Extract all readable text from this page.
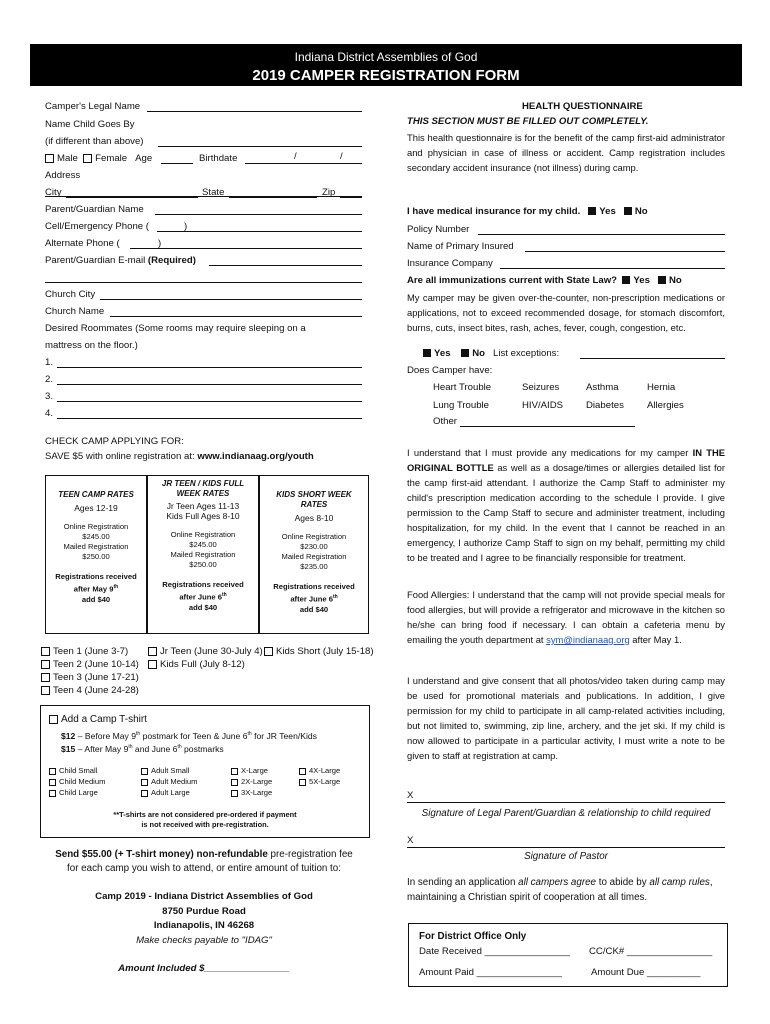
Indiana District Assemblies of God
2019 CAMPER REGISTRATION FORM
Camper's Legal Name
Name Child Goes By
(if different than above)
Male Female Age	Birthdate	/	/
Address
City	State	Zip
Parent/Guardian Name
Cell/Emergency Phone (	)
Alternate Phone (	)
Parent/Guardian E-mail (Required)
Church City
Church Name
Desired Roommates (Some rooms may require sleeping on a
mattress on the floor.)
1.
2.
3.
4.
CHECK CAMP APPLYING FOR:
SAVE $5 with online registration at: www.indianaag.org/youth
TEEN CAMP RATES
Ages 12-19
Online Registration
$245.00
Mailed Registration
$250.00
Registrations received
after May 9th
add $40
JR TEEN / KIDS FULL WEEK RATES
Jr Teen Ages 11-13
Kids Full Ages 8-10
Online Registration
$245.00
Mailed Registration
$250.00
Registrations received
after June 6th
add $40
KIDS SHORT WEEK RATES
Ages 8-10
Online Registration
$230.00
Mailed Registration
$235.00
Registrations received
after June 6th
add $40
Teen 1 (June 3-7)
Teen 2 (June 10-14)
Teen 3 (June 17-21)
Teen 4 (June 24-28)
Jr Teen (June 30-July 4)
Kids Full (July 8-12)
Kids Short (July 15-18)
Add a Camp T-shirt
$12 – Before May 9th postmark for Teen & June 6th for JR Teen/Kids
$15 – After May 9th and June 6th postmarks
Child Small
Child Medium
Child Large
Adult Small
Adult Medium
Adult Large
X-Large
2X-Large
3X-Large
4X-Large
5X-Large
**T-shirts are not considered pre-ordered if payment
is not received with pre-registration.
Send $55.00 (+ T-shirt money) non-refundable pre-registration fee
for each camp you wish to attend, or entire amount of tuition to:
Camp 2019 - Indiana District Assemblies of God
8750 Purdue Road
Indianapolis, IN 46268
Make checks payable to "IDAG"
Amount Included $________________
HEALTH QUESTIONNAIRE
THIS SECTION MUST BE FILLED OUT COMPLETELY.
This health questionnaire is for the benefit of the camp first-aid administrator and physician in case of illness or accident. Camp registration includes secondary accident insurance (not illness) during camp.
I have medical insurance for my child. Yes No
Policy Number
Name of Primary Insured
Insurance Company
Are all immunizations current with State Law? Yes No
My camper may be given over-the-counter, non-prescription medications or applications, not to exceed recommended dosage, for stomach discomfort, burns, cuts, insect bites, rash, aches, fever, cough, congestion, etc.
Yes No List exceptions:
Does Camper have:
Heart Trouble	Seizures	Asthma	Hernia
Lung Trouble	HIV/AIDS Diabetes Allergies
Other
I understand that I must provide any medications for my camper IN THE ORIGINAL BOTTLE as well as a dosage/times or allergies detailed list for the camp first-aid attendant. I authorize the Camp Staff to administer my child's prescription medication according to the schedule I provide. I give permission to the Camp Staff to secure and administer treatment, including hospitalization, for my child. In the event that I cannot be reached in an emergency, I authorize Camp Staff to sign on my behalf, permitting my child to be treated and I agree to be financially responsible for treatment.
Food Allergies: I understand that the camp will not provide special meals for food allergies, but will provide a refrigerator and microwave in the kitchen so he/she can bring food if necessary. I can obtain a cafeteria menu by emailing the youth department at sym@indianaag.org after May 1.
I understand and give consent that all photos/video taken during camp may be used for promotional materials and publications. In addition, I give permission for my child to participate in all camp-related activities including, but not limited to, swimming, zip line, archery, and the jet ski. If my child is now allowed to participate in a particular activity, I must write a note to be given to staff at registration at camp.
X
Signature of Legal Parent/Guardian & relationship to child required
X
Signature of Pastor
In sending an application all campers agree to abide by all camp rules, maintaining a Christian spirit of cooperation at all times.
For District Office Only
Date Received ________________ CC/CK# ________________
Amount Paid ________________	Amount Due __________
